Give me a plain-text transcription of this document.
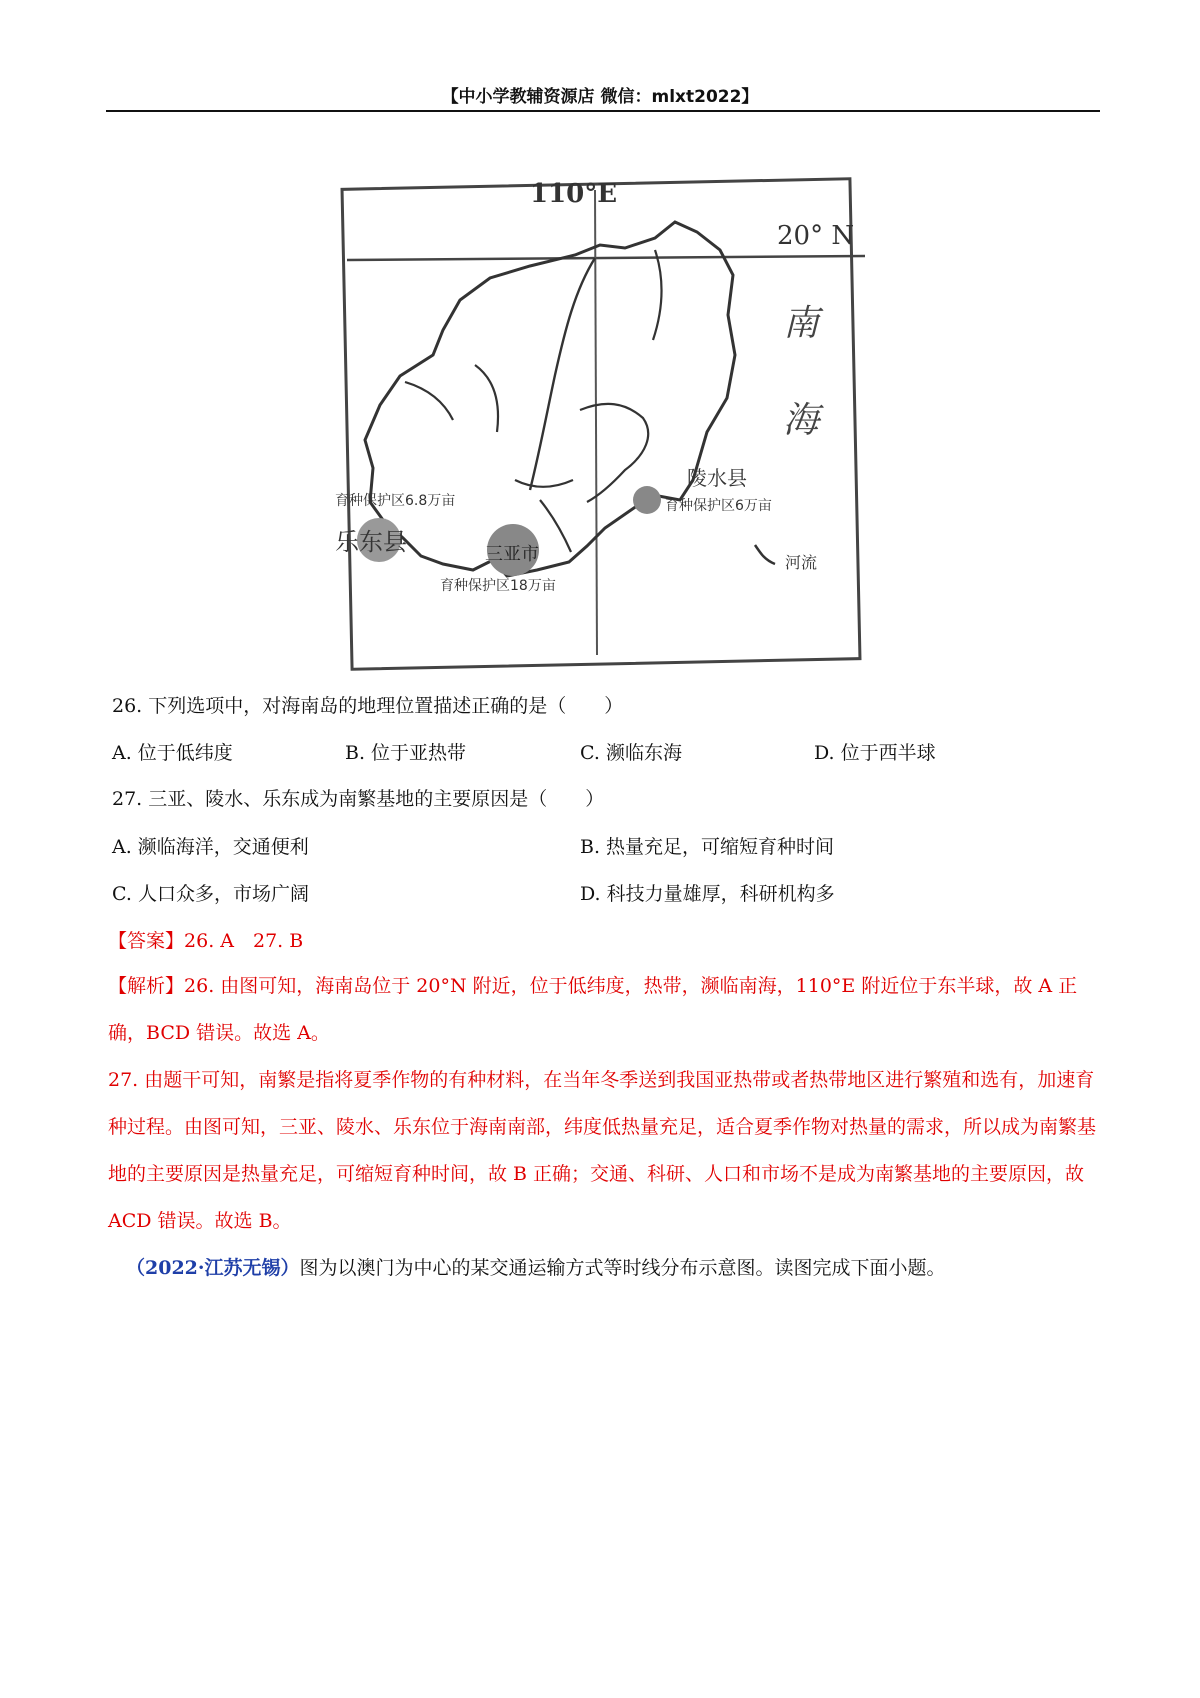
【中小学教辅资源店 微信：mlxt2022】
110°E
20° N
南
海
陵水县
育种保护区6万亩
育种保护区6.8万亩
乐东县	三亚市
育种保护区18万亩
河流
26. 下列选项中，对海南岛的地理位置描述正确的是（　　）
A. 位于低纬度	B. 位于亚热带	C. 濒临东海	D. 位于西半球
27. 三亚、陵水、乐东成为南繁基地的主要原因是（　　）
A. 濒临海洋，交通便利	B. 热量充足，可缩短育种时间
C. 人口众多，市场广阔	D. 科技力量雄厚，科研机构多
【答案】26. A　27. B

【解析】26. 由图可知，海南岛位于 20°N 附近，位于低纬度，热带，濒临南海，110°E 附近位于东半球，故 A 正确，BCD 错误。故选 A。

27. 由题干可知，南繁是指将夏季作物的有种材料，在当年冬季送到我国亚热带或者热带地区进行繁殖和选有，加速育种过程。由图可知，三亚、陵水、乐东位于海南南部，纬度低热量充足，适合夏季作物对热量的需求，所以成为南繁基地的主要原因是热量充足，可缩短育种时间，故 B 正确；交通、科研、人口和市场不是成为南繁基地的主要原因，故 ACD 错误。故选 B。

（2022·江苏无锡）图为以澳门为中心的某交通运输方式等时线分布示意图。读图完成下面小题。
